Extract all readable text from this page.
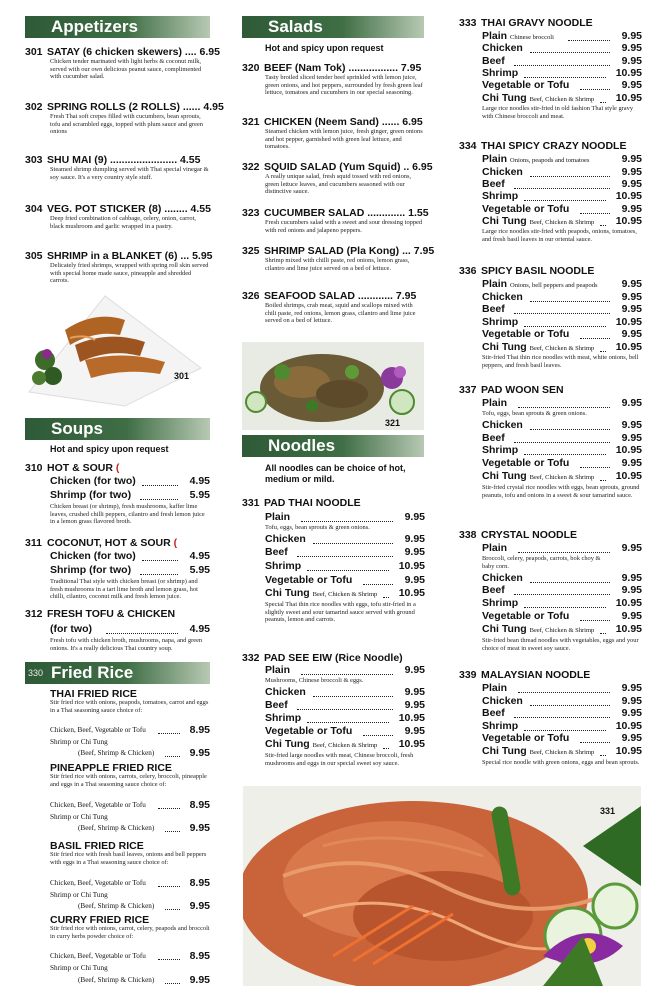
Appetizers
301 SATAY (6 chicken skewers) .... 6.95
Chicken tender marinated with light herbs & coconut milk, served with our own delicious peanut sauce, complimented with cucumber salad.
302 SPRING ROLLS (2 ROLLS) ...... 4.95
Fresh Thai soft crepes filled with cucumbers, bean sprouts, tofu and scrambled eggs, topped with plum sauce and green onions
303 SHU MAI (9) ....................... 4.55
Steamed shrimp dumpling served with Thai special vinegar & soy sauce. It's a very country style stuff.
304 VEG. POT STICKER (8) ........ 4.55
Deep fried combination of cabbage, celery, onion, carrot, black mushroom and garlic wrapped in a pastry.
305 SHRIMP in a BLANKET (6) ... 5.95
Delicately fried shrimps, wrapped with spring roll skin served with special home made sauce, pineapple and shredded carrots.
301
Soups
Hot and spicy upon request
310 HOT & SOUR (
Chicken (for two)	4.95
Shrimp (for two)	5.95
Chicken breast (or shrimp), fresh mushrooms, kaffer lime leaves, crushed chilli peppers, cilantro and fresh lemon juice in a lemon grass flavored broth.
311 COCONUT, HOT & SOUR (
Chicken (for two)	4.95
Shrimp (for two)	5.95
Traditional Thai style with chicken breast (or shrimp) and fresh mushrooms in a tart lime broth and lemon grass, hot chilli, cilantro, coconut milk and fresh lemon juice.
312 FRESH TOFU & CHICKEN
(for two)	4.95
Fresh tofu with chicken broth, mushrooms, napa, and green onions. It's a really delicious Thai country soup.
330 Fried Rice
THAI FRIED RICE
Stir fried rice with onions, peapods, tomatoes, carrot and eggs in a Thai seasoning sauce choice of:
Chicken, Beef, Vegetable or Tofu	8.95
Shrimp or Chi Tung
(Beef, Shrimp & Chicken)	9.95
PINEAPPLE FRIED RICE
Stir fried rice with onions, carrots, celery, broccoli, pineapple and eggs in a Thai seasoning sauce choice of:
Chicken, Beef, Vegetable or Tofu	8.95
Shrimp or Chi Tung
(Beef, Shrimp & Chicken)	9.95
BASIL FRIED RICE
Stir fried rice with fresh basil leaves, onions and bell peppers with eggs in a Thai seasoning sauce choice of:
Chicken, Beef, Vegetable or Tofu	8.95
Shrimp or Chi Tung
(Beef, Shrimp & Chicken)	9.95
CURRY FRIED RICE
Stir fried rice with onions, carrot, celery, peapods and broccoli in curry herbs powder choice of:
Chicken, Beef, Vegetable or Tofu	8.95
Shrimp or Chi Tung
(Beef, Shrimp & Chicken)	9.95
Salads
Hot and spicy upon request
320 BEEF (Nam Tok) ................. 7.95
Tasty broiled sliced tender beef sprinkled with lemon juice, green onions, and hot peppers, surrounded by fresh green leaf lettuce, tomatoes and cucumbers in our special seasoning.
321 CHICKEN (Neem Sand) ...... 6.95
Steamed chicken with lemon juice, fresh ginger, green onions and hot pepper, garnished with green leaf lettuce, and tomatoes.
322 SQUID SALAD (Yum Squid) .. 6.95
A really unique salad, fresh squid tossed with red onions, green lettuce leaves, and cucumbers seasoned with our distinctive sauce.
323 CUCUMBER SALAD ............. 1.55
Fresh cucumbers salad with a sweet and sour dressing topped with red onions and jalapeno peppers.
325 SHRIMP SALAD (Pla Kong) ... 7.95
Shrimp mixed with chilli paste, red onions, lemon grass, cilantro and lime juice served on a bed of lettuce.
326 SEAFOOD SALAD ............ 7.95
Boiled shrimps, crab meat, squid and scallops mixed with chili paste, red onions, lemon grass, cilantro and lime juice served on a bed of lettuce.
321
Noodles
All noodles can be choice of hot, medium or mild.
331 PAD THAI NOODLE
Plain	9.95
Tofu, eggs, bean sprouts & green onions.
Chicken	9.95
Beef	9.95
Shrimp	10.95
Vegetable or Tofu	9.95
Chi Tung Beef, Chicken & Shrimp 10.95
Special Thai thin rice noodles with eggs, tofu stir-fried in a slightly sweet and sour tamarind sauce served with ground peanuts, lemon and carrots.
332 PAD SEE EIW (Rice Noodle)
Plain	9.95
Mushrooms, Chinese broccoli & eggs.
Chicken	9.95
Beef	9.95
Shrimp	10.95
Vegetable or Tofu	9.95
Chi Tung Beef, Chicken & Shrimp 10.95
Stir-fried large noodles with meat, Chinese broccoli, fresh mushrooms and eggs in our special sweet soy sauce.
331
333 THAI GRAVY NOODLE
Plain Chinese broccoli	9.95
Chicken	9.95
Beef	9.95
Shrimp	10.95
Vegetable or Tofu	9.95
Chi Tung Beef, Chicken & Shrimp 10.95
Large rice noodles stir-fried in old fashion Thai style gravy with Chinese broccoli and meat.
334 THAI SPICY CRAZY NOODLE
Plain Onions, peapods and tomatoes	9.95
Chicken	9.95
Beef	9.95
Shrimp	10.95
Vegetable or Tofu	9.95
Chi Tung Beef, Chicken & Shrimp 10.95
Large rice noodles stir-fried with peapods, onions, tomatoes, and fresh basil leaves in our oriental sauce.
336 SPICY BASIL NOODLE
Plain Onions, bell peppers and peapods 9.95
Chicken	9.95
Beef	9.95
Shrimp	10.95
Vegetable or Tofu	9.95
Chi Tung Beef, Chicken & Shrimp 10.95
Stir-fried Thai thin rice noodles with meat, white onions, bell peppers, and fresh basil leaves.
337 PAD WOON SEN
Plain	9.95
Tofu, eggs, bean sprouts & green onions.
Chicken	9.95
Beef	9.95
Shrimp	10.95
Vegetable or Tofu	9.95
Chi Tung Beef, Chicken & Shrimp 10.95
Stir-fried crystal rice noodles with eggs, bean sprouts, ground peanuts, tofu and onions in a sweet & sour tamarind sauce.
338 CRYSTAL NOODLE
Plain	9.95
Broccoli, celery, peapods, carrots, bok choy & baby corn.
Chicken	9.95
Beef	9.95
Shrimp	10.95
Vegetable or Tofu	9.95
Chi Tung Beef, Chicken & Shrimp 10.95
Stir-fried bean thread noodles with vegetables, eggs and your choice of meat in sweet soy sauce.
339 MALAYSIAN NOODLE
Plain	9.95
Chicken	9.95
Beef	9.95
Shrimp	10.95
Vegetable or Tofu	9.95
Chi Tung Beef, Chicken & Shrimp 10.95
Special rice noodle with green onions, eggs and bean sprouts.
